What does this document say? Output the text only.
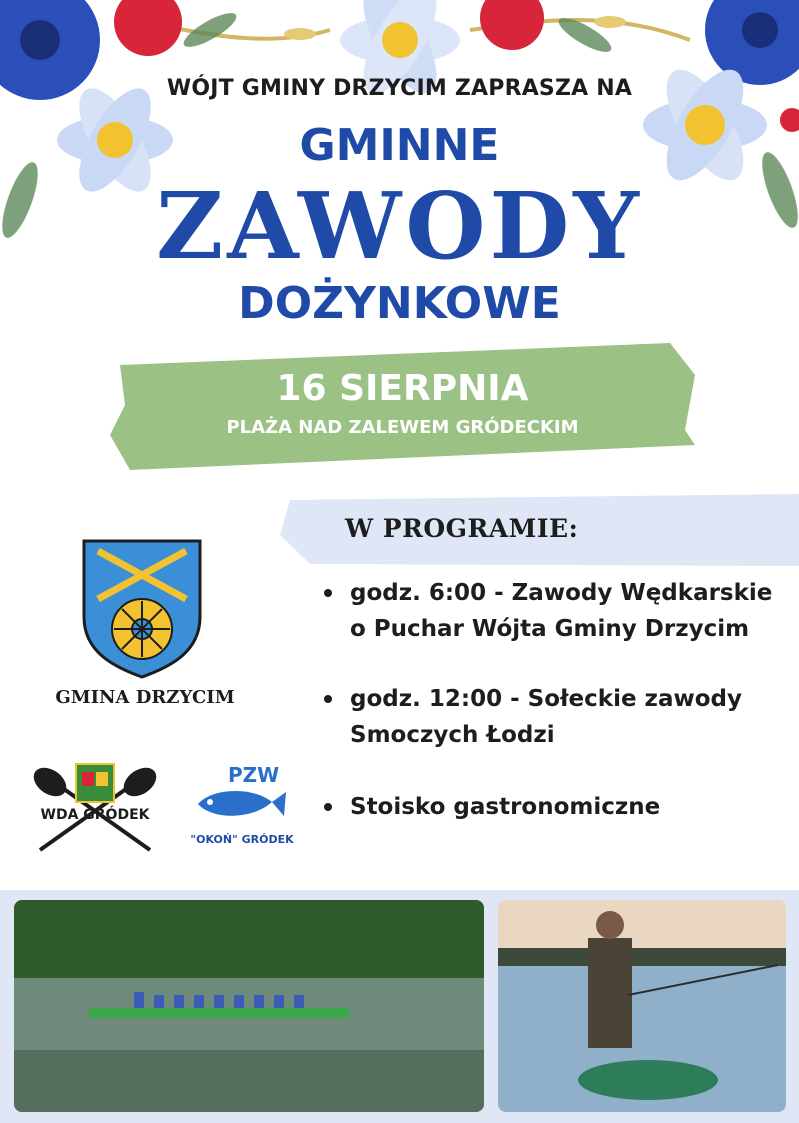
WÓJT GMINY DRZYCIM ZAPRASZA NA
GMINNE
ZAWODY
DOŻYNKOWE
16 SIERPNIA
PLAŻA NAD ZALEWEM GRÓDECKIM
W PROGRAMIE:
godz. 6:00 - Zawody Wędkarskie
o Puchar Wójta Gminy Drzycim
godz. 12:00 - Sołeckie zawody
Smoczych Łodzi
Stoisko gastronomiczne
GMINA DRZYCIM
WDA GRÓDEK
PZW
"OKOŃ" GRÓDEK
